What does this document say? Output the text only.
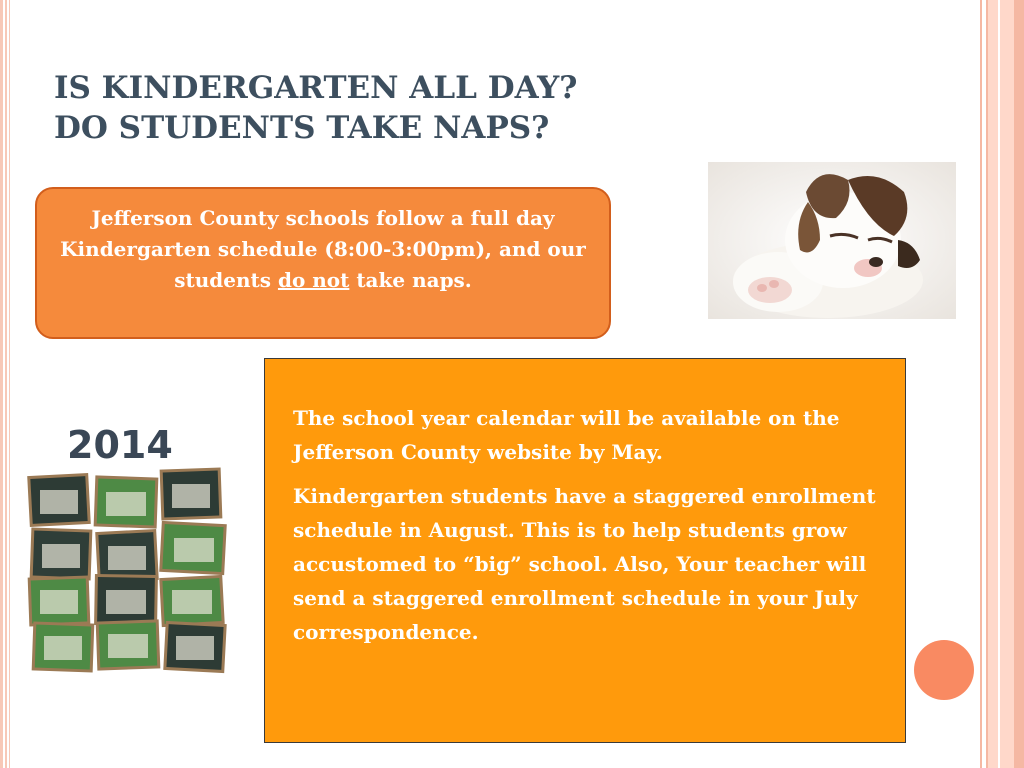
IS KINDERGARTEN ALL DAY?
DO STUDENTS TAKE NAPS?
Jefferson County schools follow a full day Kindergarten schedule (8:00-3:00pm), and our students do not take naps.

The school year calendar will be available on the Jefferson County website by May.

Kindergarten students have a staggered enrollment schedule in August. This is to help students grow accustomed to “big” school. Also, Your teacher will send a staggered enrollment schedule in your July correspondence.

2014
